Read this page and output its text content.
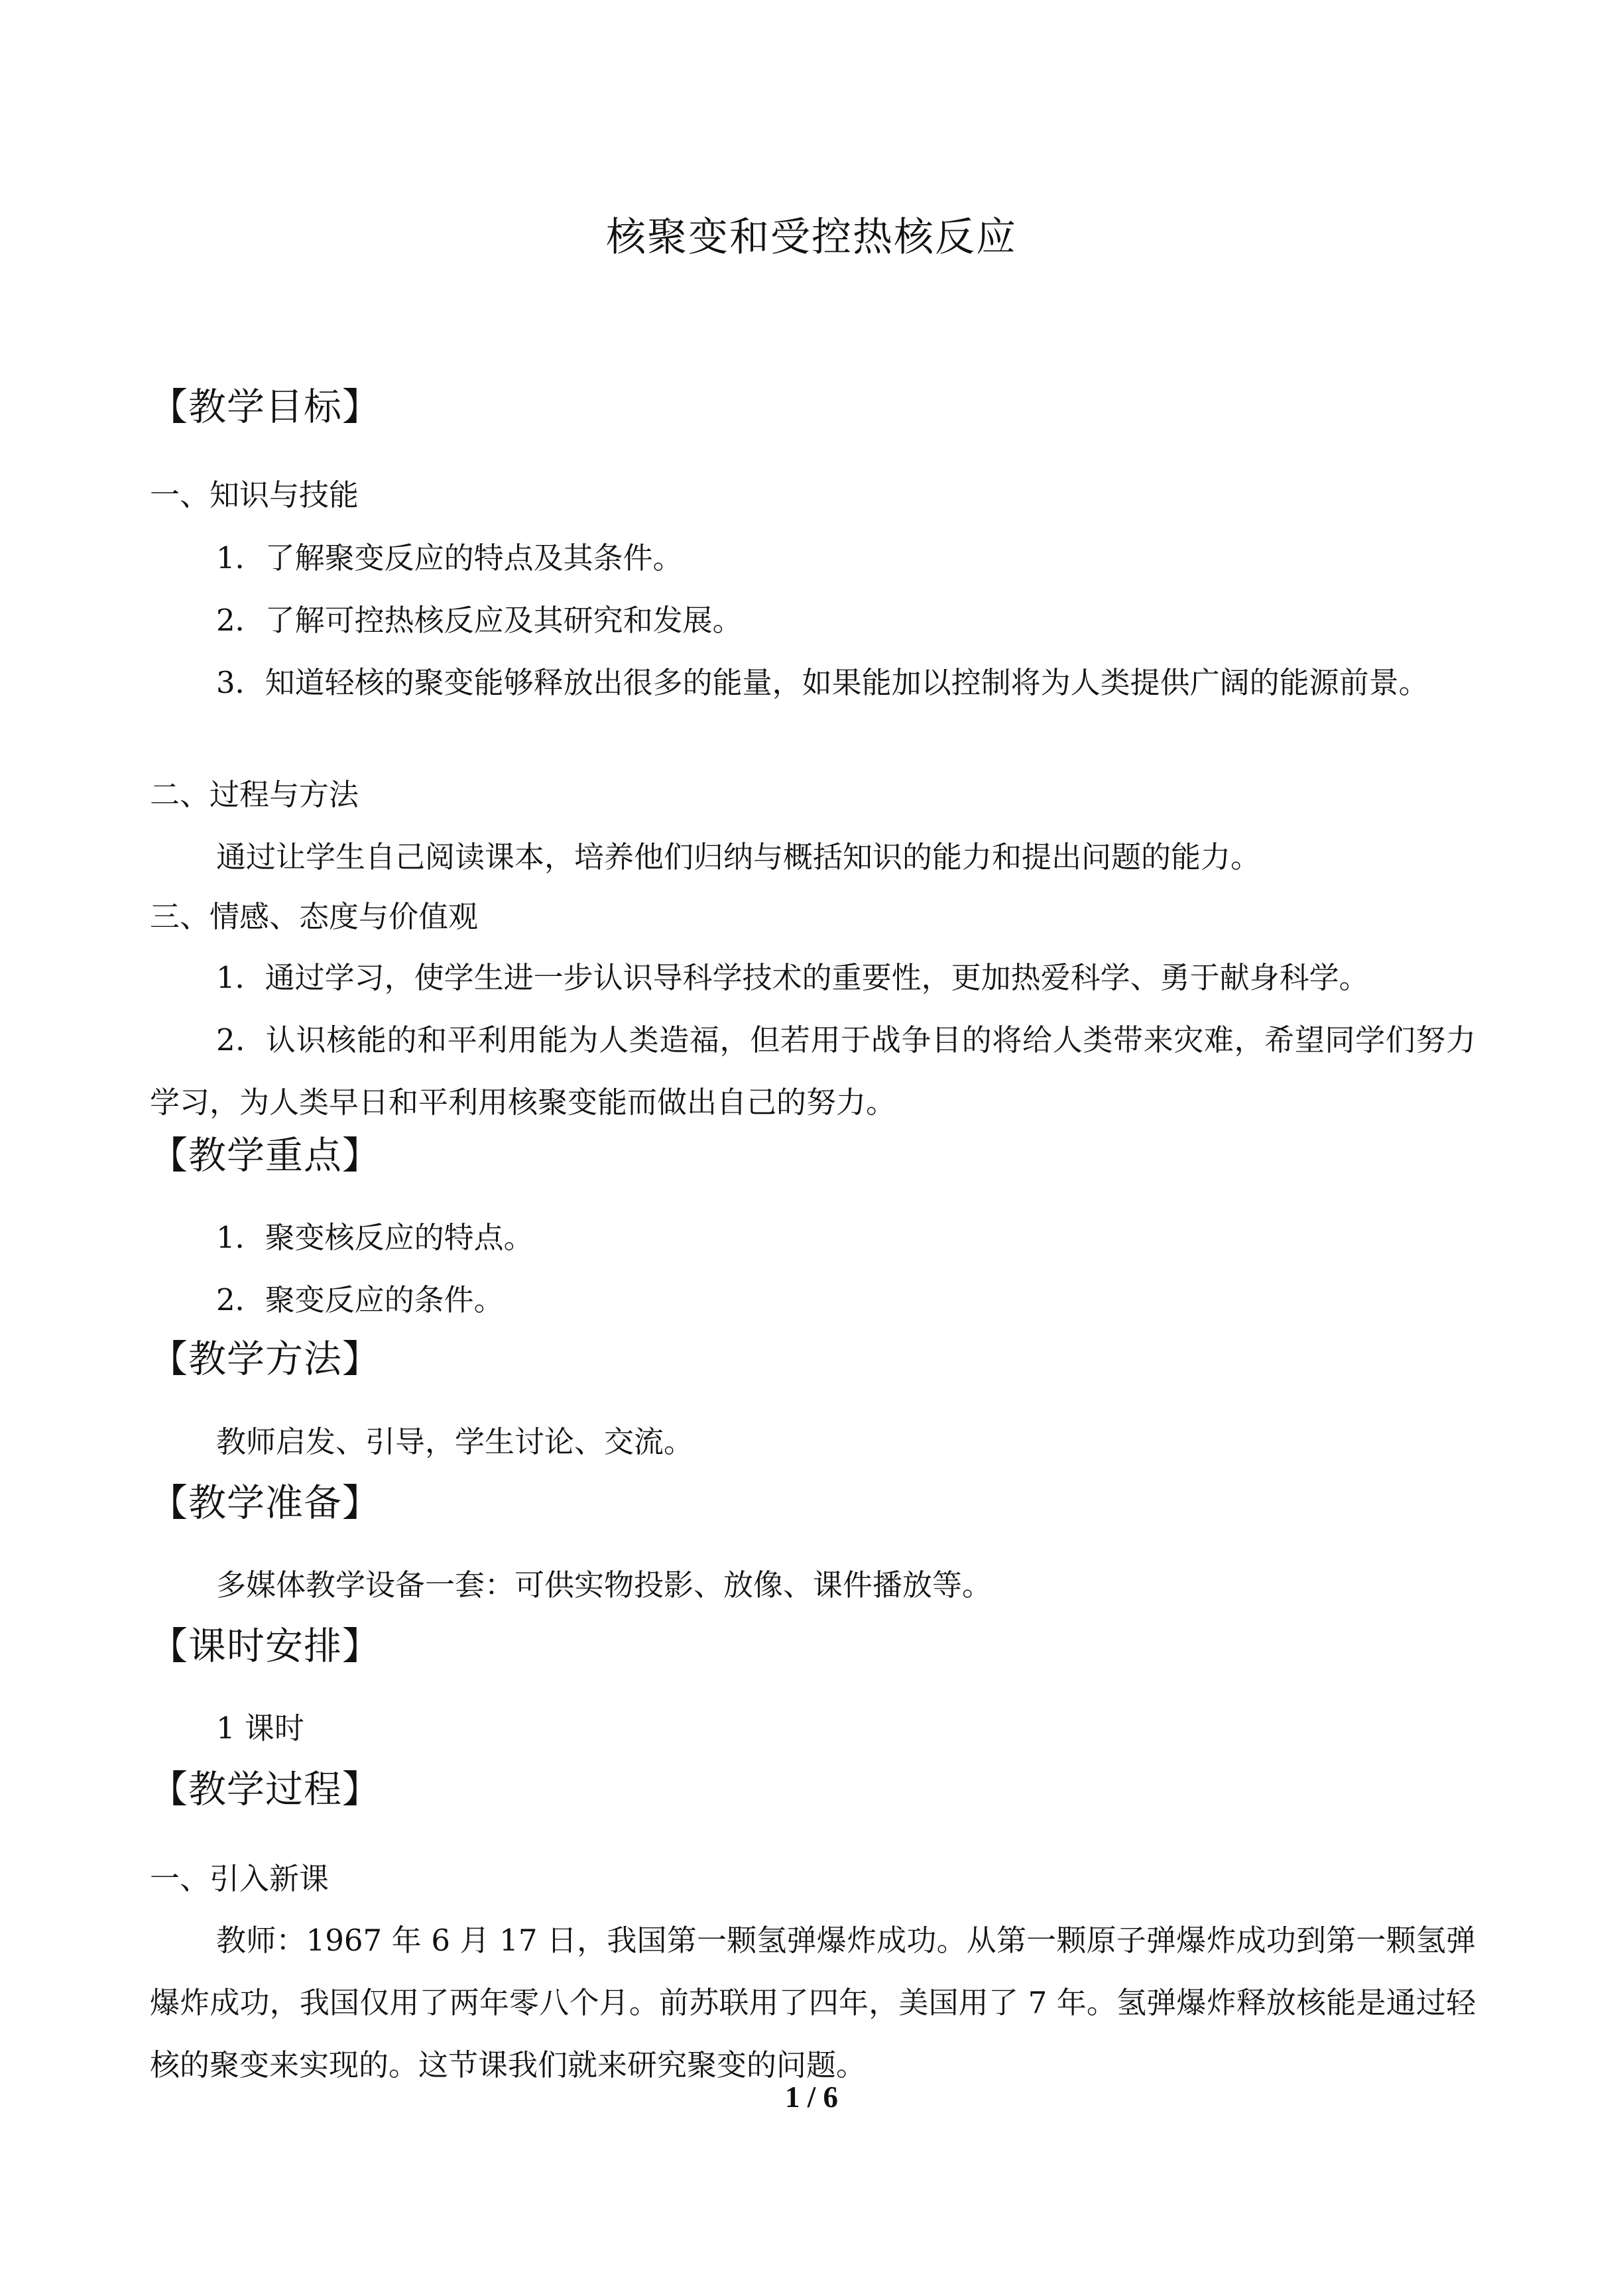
核聚变和受控热核反应
【教学目标】
一、知识与技能

1．了解聚变反应的特点及其条件。

2．了解可控热核反应及其研究和发展。

3．知道轻核的聚变能够释放出很多的能量，如果能加以控制将为人类提供广阔的能源前景。

二、过程与方法

通过让学生自己阅读课本，培养他们归纳与概括知识的能力和提出问题的能力。

三、情感、态度与价值观

1．通过学习，使学生进一步认识导科学技术的重要性，更加热爱科学、勇于献身科学。

2．认识核能的和平利用能为人类造福，但若用于战争目的将给人类带来灾难，希望同学们努力学习，为人类早日和平利用核聚变能而做出自己的努力。

【教学重点】

1．聚变核反应的特点。

2．聚变反应的条件。

【教学方法】

教师启发、引导，学生讨论、交流。

【教学准备】

多媒体教学设备一套：可供实物投影、放像、课件播放等。

【课时安排】

1 课时

【教学过程】
一、引入新课

教师：1967 年 6 月 17 日，我国第一颗氢弹爆炸成功。从第一颗原子弹爆炸成功到第一颗氢弹爆炸成功，我国仅用了两年零八个月。前苏联用了四年，美国用了 7 年。氢弹爆炸释放核能是通过轻核的聚变来实现的。这节课我们就来研究聚变的问题。

1 / 6
